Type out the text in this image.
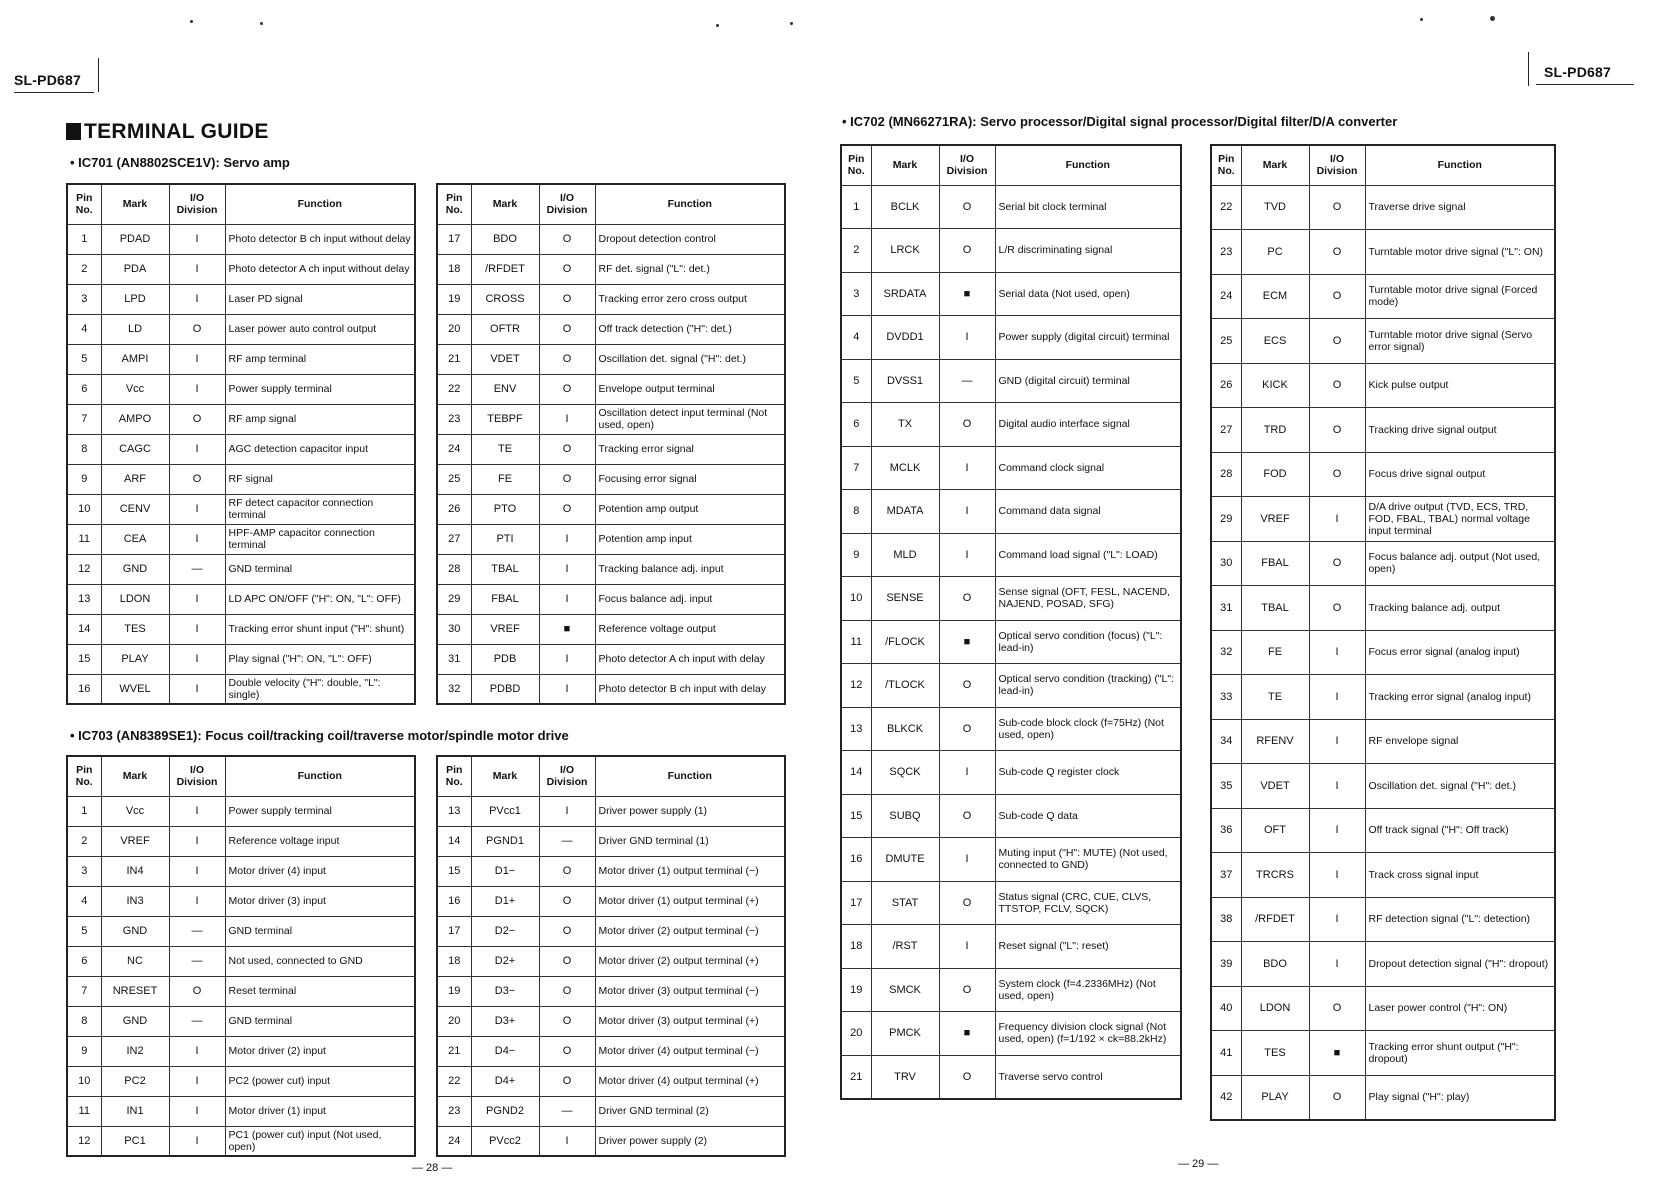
SL-PD687	SL-PD687
TERMINAL GUIDE
• IC701 (AN8802SCE1V): Servo amp
• IC703 (AN8389SE1): Focus coil/tracking coil/traverse motor/spindle motor drive
• IC702 (MN66271RA): Servo processor/Digital signal processor/Digital filter/D/A converter
Pin No.	Mark	I/O Division	Function
1	PDAD	I	Photo detector B ch input without delay
2	PDA	I	Photo detector A ch input without delay
3	LPD	I	Laser PD signal
4	LD	O	Laser power auto control output
5	AMPI	I	RF amp terminal
6	Vcc	I	Power supply terminal
7	AMPO	O	RF amp signal
8	CAGC	I	AGC detection capacitor input
9	ARF	O	RF signal
10	CENV	I	RF detect capacitor connection terminal
11	CEA	I	HPF-AMP capacitor connection terminal
12	GND	—	GND terminal
13	LDON	I	LD APC ON/OFF ("H": ON, "L": OFF)
14	TES	I	Tracking error shunt input ("H": shunt)
15	PLAY	I	Play signal ("H": ON, "L": OFF)
16	WVEL	I	Double velocity ("H": double, "L": single)
Pin No.	Mark	I/O Division	Function
17	BDO	O	Dropout detection control
18	/RFDET	O	RF det. signal ("L": det.)
19	CROSS	O	Tracking error zero cross output
20	OFTR	O	Off track detection ("H": det.)
21	VDET	O	Oscillation det. signal ("H": det.)
22	ENV	O	Envelope output terminal
23	TEBPF	I	Oscillation detect input terminal (Not used, open)
24	TE	O	Tracking error signal
25	FE	O	Focusing error signal
26	PTO	O	Potention amp output
27	PTI	I	Potention amp input
28	TBAL	I	Tracking balance adj. input
29	FBAL	I	Focus balance adj. input
30	VREF	■	Reference voltage output
31	PDB	I	Photo detector A ch input with delay
32	PDBD	I	Photo detector B ch input with delay
Pin No.	Mark	I/O Division	Function
1	Vcc	I	Power supply terminal
2	VREF	I	Reference voltage input
3	IN4	I	Motor driver (4) input
4	IN3	I	Motor driver (3) input
5	GND	—	GND terminal
6	NC	—	Not used, connected to GND
7	NRESET	O	Reset terminal
8	GND	—	GND terminal
9	IN2	I	Motor driver (2) input
10	PC2	I	PC2 (power cut) input
11	IN1	I	Motor driver (1) input
12	PC1	I	PC1 (power cut) input (Not used, open)
Pin No.	Mark	I/O Division	Function
13	PVcc1	I	Driver power supply (1)
14	PGND1	—	Driver GND terminal (1)
15	D1−	O	Motor driver (1) output terminal (−)
16	D1+	O	Motor driver (1) output terminal (+)
17	D2−	O	Motor driver (2) output terminal (−)
18	D2+	O	Motor driver (2) output terminal (+)
19	D3−	O	Motor driver (3) output terminal (−)
20	D3+	O	Motor driver (3) output terminal (+)
21	D4−	O	Motor driver (4) output terminal (−)
22	D4+	O	Motor driver (4) output terminal (+)
23	PGND2	—	Driver GND terminal (2)
24	PVcc2	I	Driver power supply (2)
Pin No.	Mark	I/O Division	Function
1	BCLK	O	Serial bit clock terminal
2	LRCK	O	L/R discriminating signal
3	SRDATA	■	Serial data (Not used, open)
4	DVDD1	I	Power supply (digital circuit) terminal
5	DVSS1	—	GND (digital circuit) terminal
6	TX	O	Digital audio interface signal
7	MCLK	I	Command clock signal
8	MDATA	I	Command data signal
9	MLD	I	Command load signal ("L": LOAD)
10	SENSE	O	Sense signal (OFT, FESL, NACEND, NAJEND, POSAD, SFG)
11	/FLOCK	■	Optical servo condition (focus) ("L": lead-in)
12	/TLOCK	O	Optical servo condition (tracking) ("L": lead-in)
13	BLKCK	O	Sub-code block clock (f=75Hz) (Not used, open)
14	SQCK	I	Sub-code Q register clock
15	SUBQ	O	Sub-code Q data
16	DMUTE	I	Muting input ("H": MUTE) (Not used, connected to GND)
17	STAT	O	Status signal (CRC, CUE, CLVS, TTSTOP, FCLV, SQCK)
18	/RST	I	Reset signal ("L": reset)
19	SMCK	O	System clock (f=4.2336MHz) (Not used, open)
20	PMCK	■	Frequency division clock signal (Not used, open) (f=1/192 × ck=88.2kHz)
21	TRV	O	Traverse servo control
Pin No.	Mark	I/O Division	Function
22	TVD	O	Traverse drive signal
23	PC	O	Turntable motor drive signal ("L": ON)
24	ECM	O	Turntable motor drive signal (Forced mode)
25	ECS	O	Turntable motor drive signal (Servo error signal)
26	KICK	O	Kick pulse output
27	TRD	O	Tracking drive signal output
28	FOD	O	Focus drive signal output
29	VREF	I	D/A drive output (TVD, ECS, TRD, FOD, FBAL, TBAL) normal voltage input terminal
30	FBAL	O	Focus balance adj. output (Not used, open)
31	TBAL	O	Tracking balance adj. output
32	FE	I	Focus error signal (analog input)
33	TE	I	Tracking error signal (analog input)
34	RFENV	I	RF envelope signal
35	VDET	I	Oscillation det. signal ("H": det.)
36	OFT	I	Off track signal ("H": Off track)
37	TRCRS	I	Track cross signal input
38	/RFDET	I	RF detection signal ("L": detection)
39	BDO	I	Dropout detection signal ("H": dropout)
40	LDON	O	Laser power control ("H": ON)
41	TES	■	Tracking error shunt output ("H": dropout)
42	PLAY	O	Play signal ("H": play)
— 28 —	— 29 —
